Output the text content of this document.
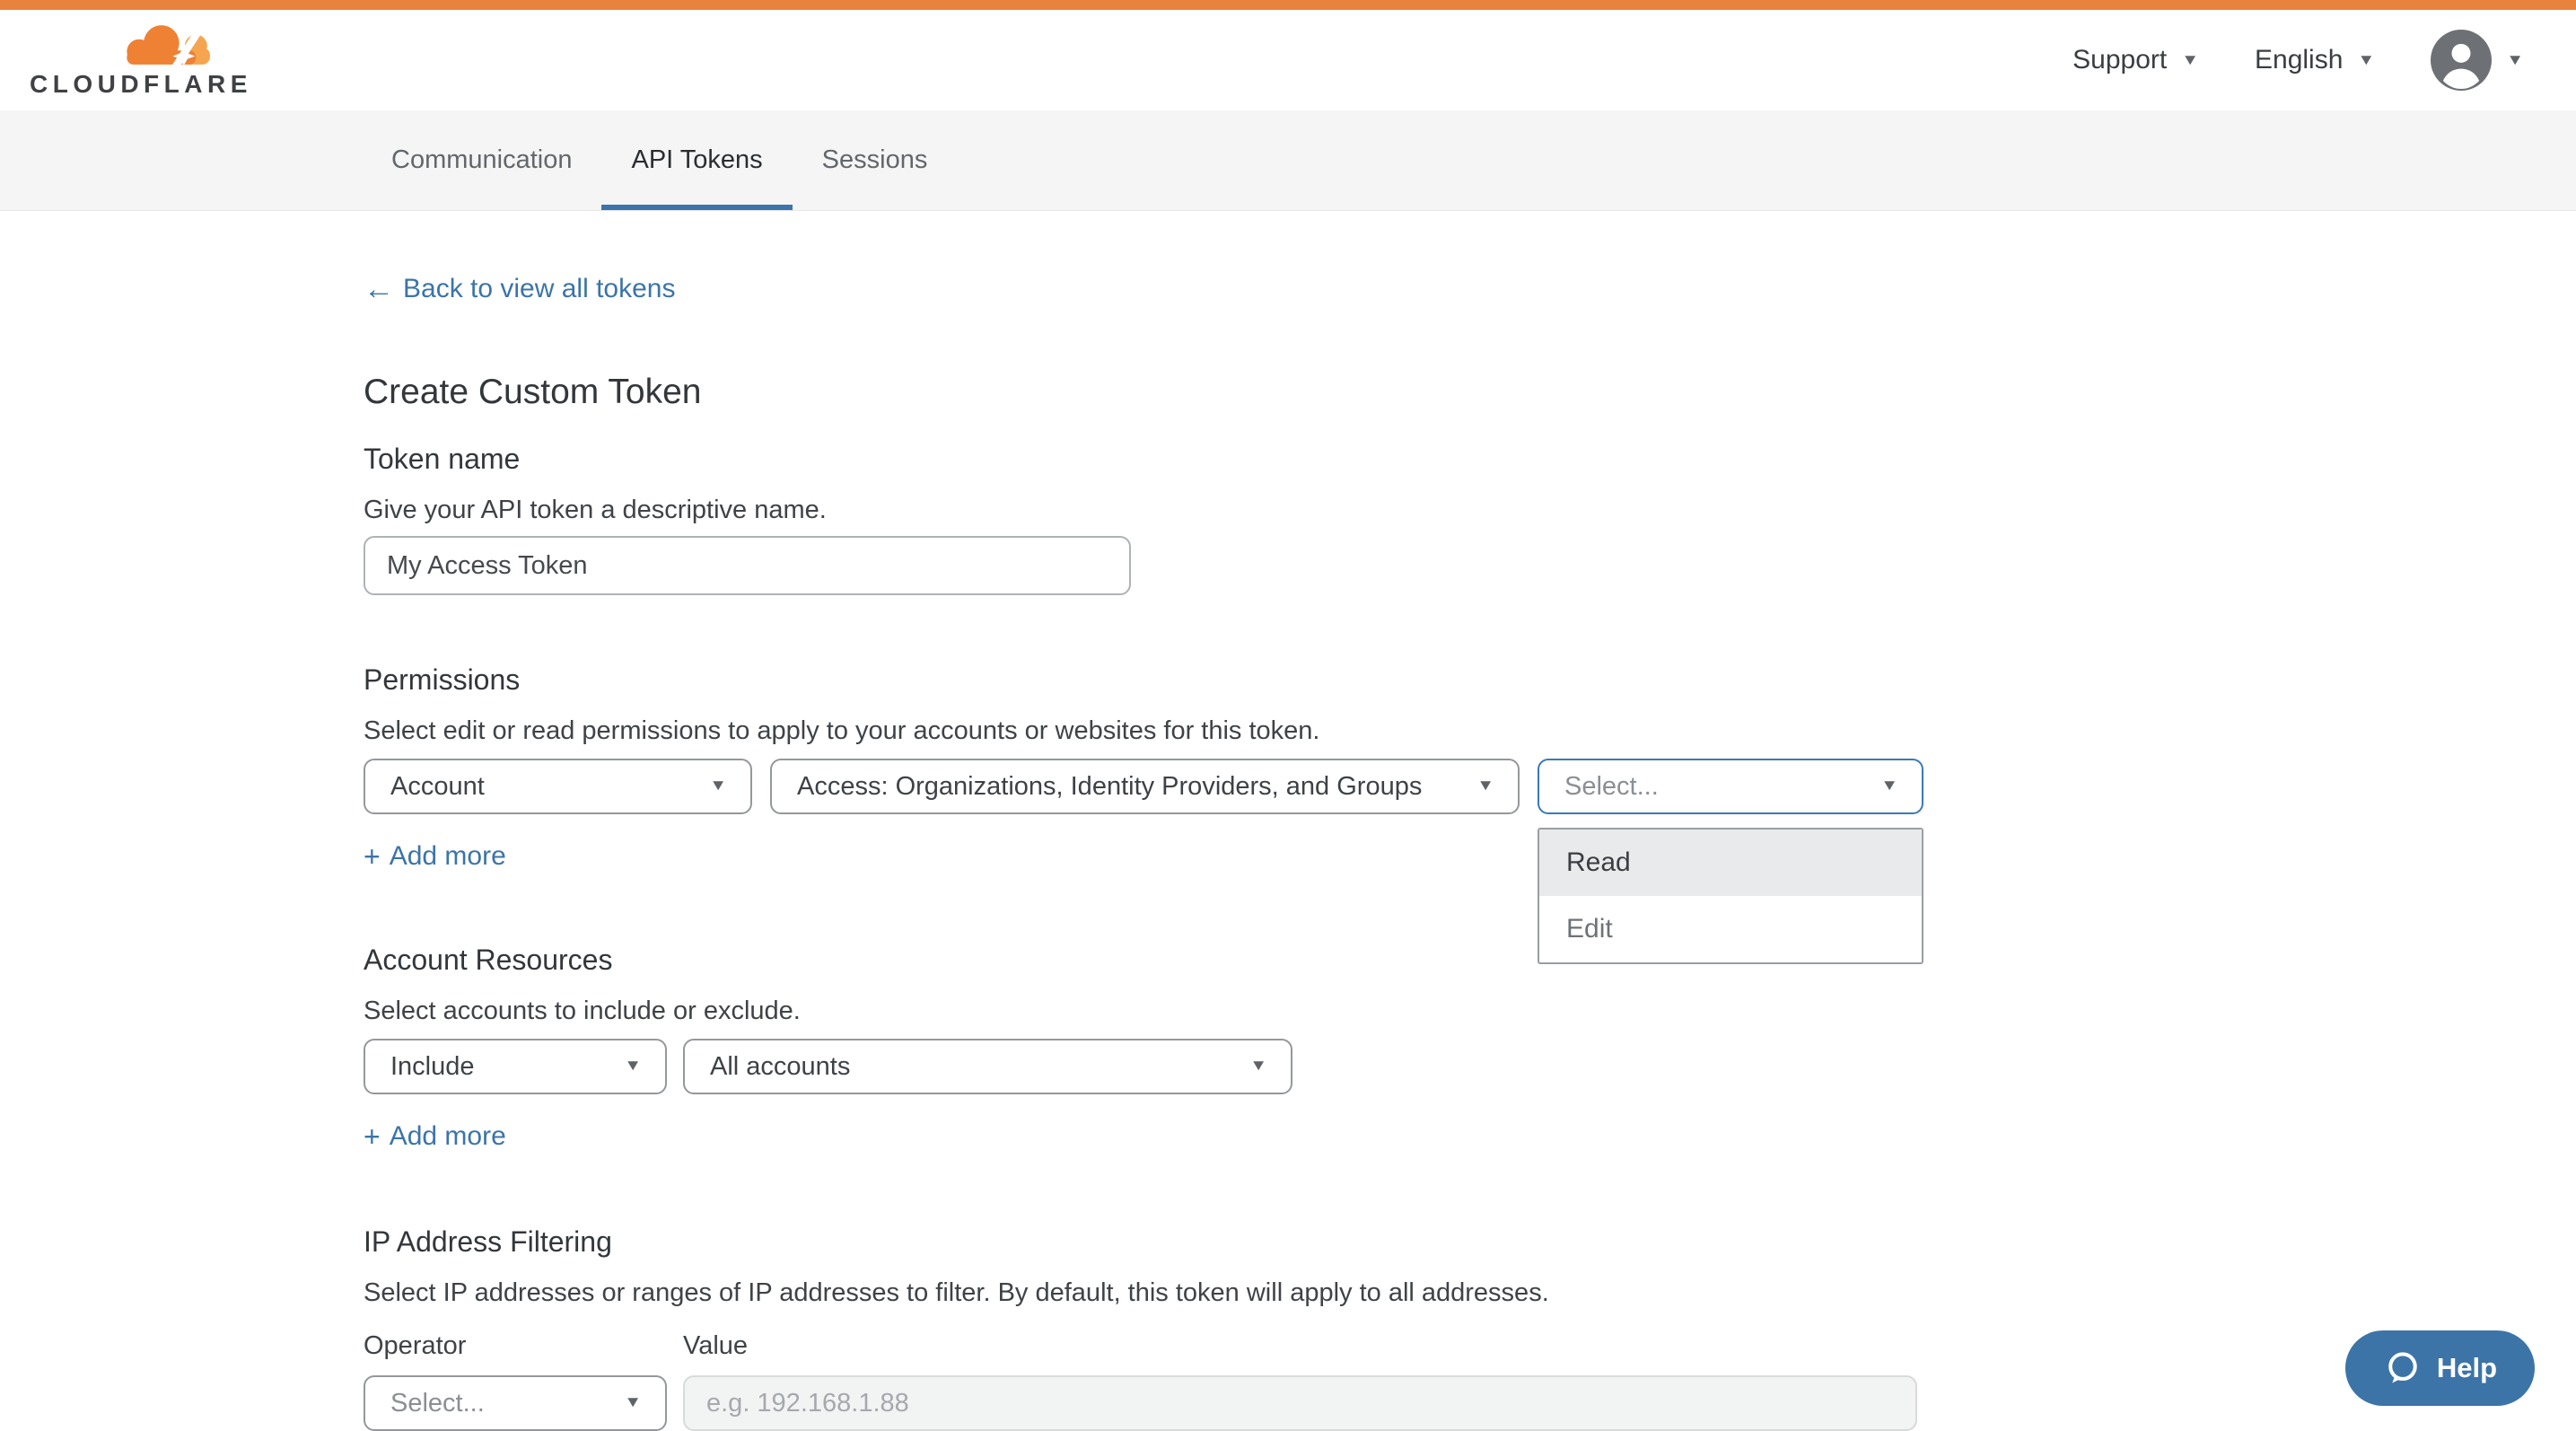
CLOUDFLARE
Support ▼ English ▼	▼
Communication	API Tokens	Sessions
← Back to view all tokens
Create Custom Token
Token name
Give your API token a descriptive name.
My Access Token
Permissions
Select edit or read permissions to apply to your accounts or websites for this token.
Account	▼	Access: Organizations, Identity Providers, and Groups	▼	Select...	▼
Read
Edit
+ Add more
Account Resources
Select accounts to include or exclude.
Include	▼	All accounts	▼
+ Add more
IP Address Filtering
Select IP addresses or ranges of IP addresses to filter. By default, this token will apply to all addresses.
Operator	Value
Select...	▼
e.g. 192.168.1.88
Help
